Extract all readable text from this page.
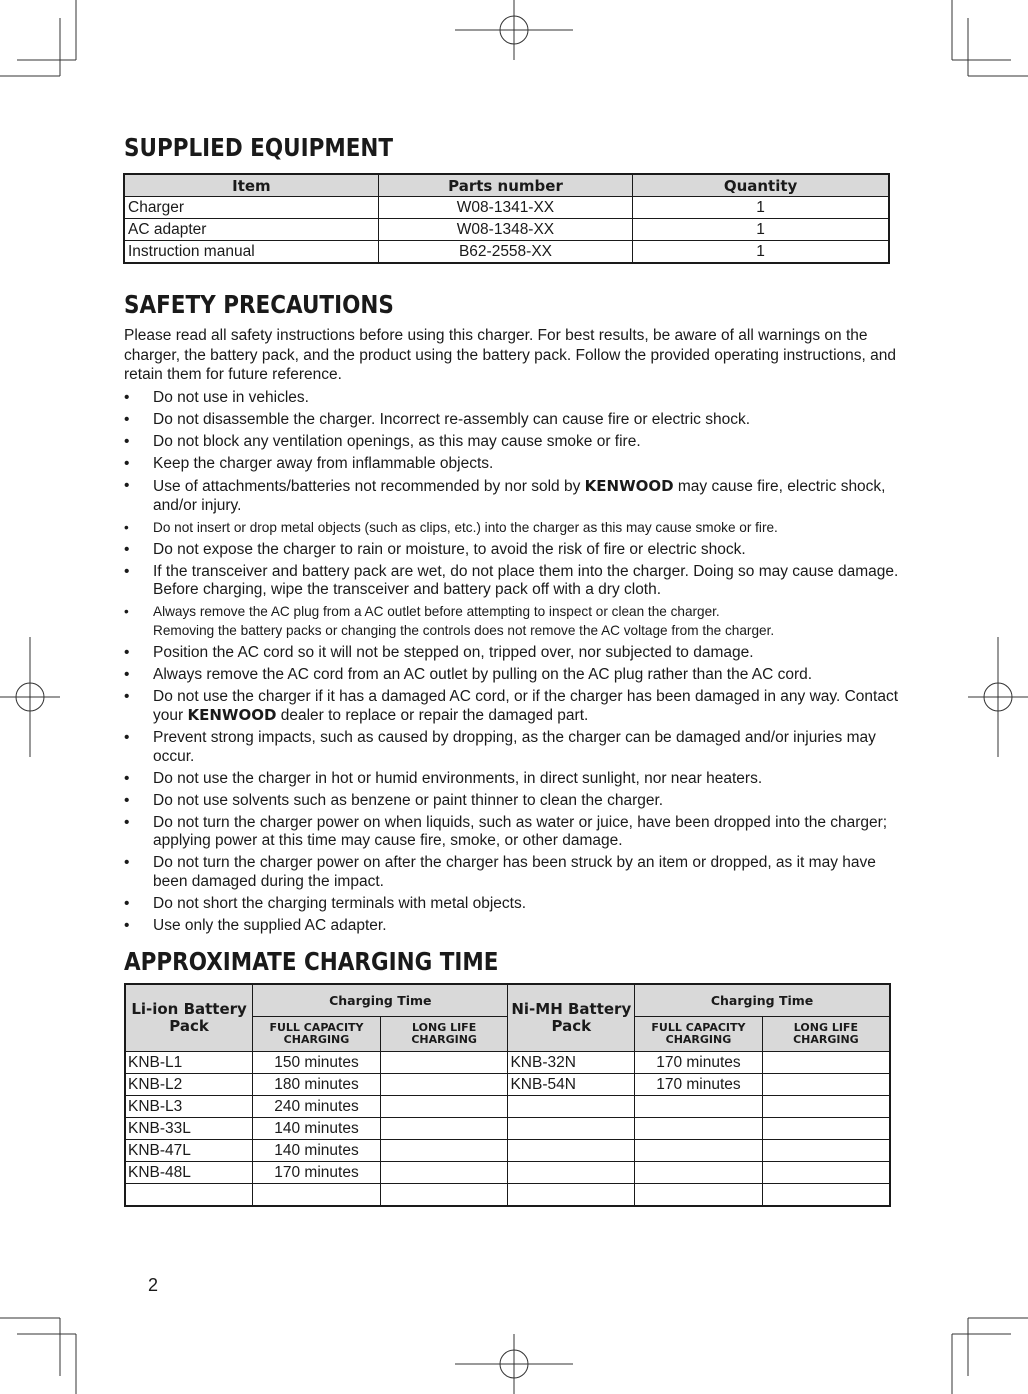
SUPPLIED EQUIPMENT
Item	Parts number	Quantity
Charger	W08-1341-XX	1
AC adapter	W08-1348-XX	1
Instruction manual	B62-2558-XX	1
SAFETY PRECAUTIONS

Please read all safety instructions before using this charger. For best results, be aware of all warnings on the charger, the battery pack, and the product using the battery pack. Follow the provided operating instructions, and retain them for future reference.

• Do not use in vehicles.
• Do not disassemble the charger. Incorrect re-assembly can cause fire or electric shock.
• Do not block any ventilation openings, as this may cause smoke or fire.
• Keep the charger away from inflammable objects.
• Use of attachments/batteries not recommended by nor sold by KENWOOD may cause fire, electric shock, and/or injury.
• Do not insert or drop metal objects (such as clips, etc.) into the charger as this may cause smoke or fire.
• Do not expose the charger to rain or moisture, to avoid the risk of fire or electric shock.
• If the transceiver and battery pack are wet, do not place them into the charger. Doing so may cause damage. Before charging, wipe the transceiver and battery pack off with a dry cloth.
• Always remove the AC plug from a AC outlet before attempting to inspect or clean the charger.
Removing the battery packs or changing the controls does not remove the AC voltage from the charger.
• Position the AC cord so it will not be stepped on, tripped over, nor subjected to damage.
• Always remove the AC cord from an AC outlet by pulling on the AC plug rather than the AC cord.
• Do not use the charger if it has a damaged AC cord, or if the charger has been damaged in any way. Contact your KENWOOD dealer to replace or repair the damaged part.
• Prevent strong impacts, such as caused by dropping, as the charger can be damaged and/or injuries may occur.
• Do not use the charger in hot or humid environments, in direct sunlight, nor near heaters.
• Do not use solvents such as benzene or paint thinner to clean the charger.
• Do not turn the charger power on when liquids, such as water or juice, have been dropped into the charger; applying power at this time may cause fire, smoke, or other damage.
• Do not turn the charger power on after the charger has been struck by an item or dropped, as it may have been damaged during the impact.
• Do not short the charging terminals with metal objects.
• Use only the supplied AC adapter.
APPROXIMATE CHARGING TIME
Li-ion Battery Pack	Charging Time		Ni-MH Battery Pack	Charging Time	
	FULL CAPACITY CHARGING	LONG LIFE CHARGING		FULL CAPACITY CHARGING	LONG LIFE CHARGING
KNB-L1	150 minutes		KNB-32N	170 minutes	
KNB-L2	180 minutes		KNB-54N	170 minutes	
KNB-L3	240 minutes				
KNB-33L	140 minutes				
KNB-47L	140 minutes				
KNB-48L	170 minutes				

2
